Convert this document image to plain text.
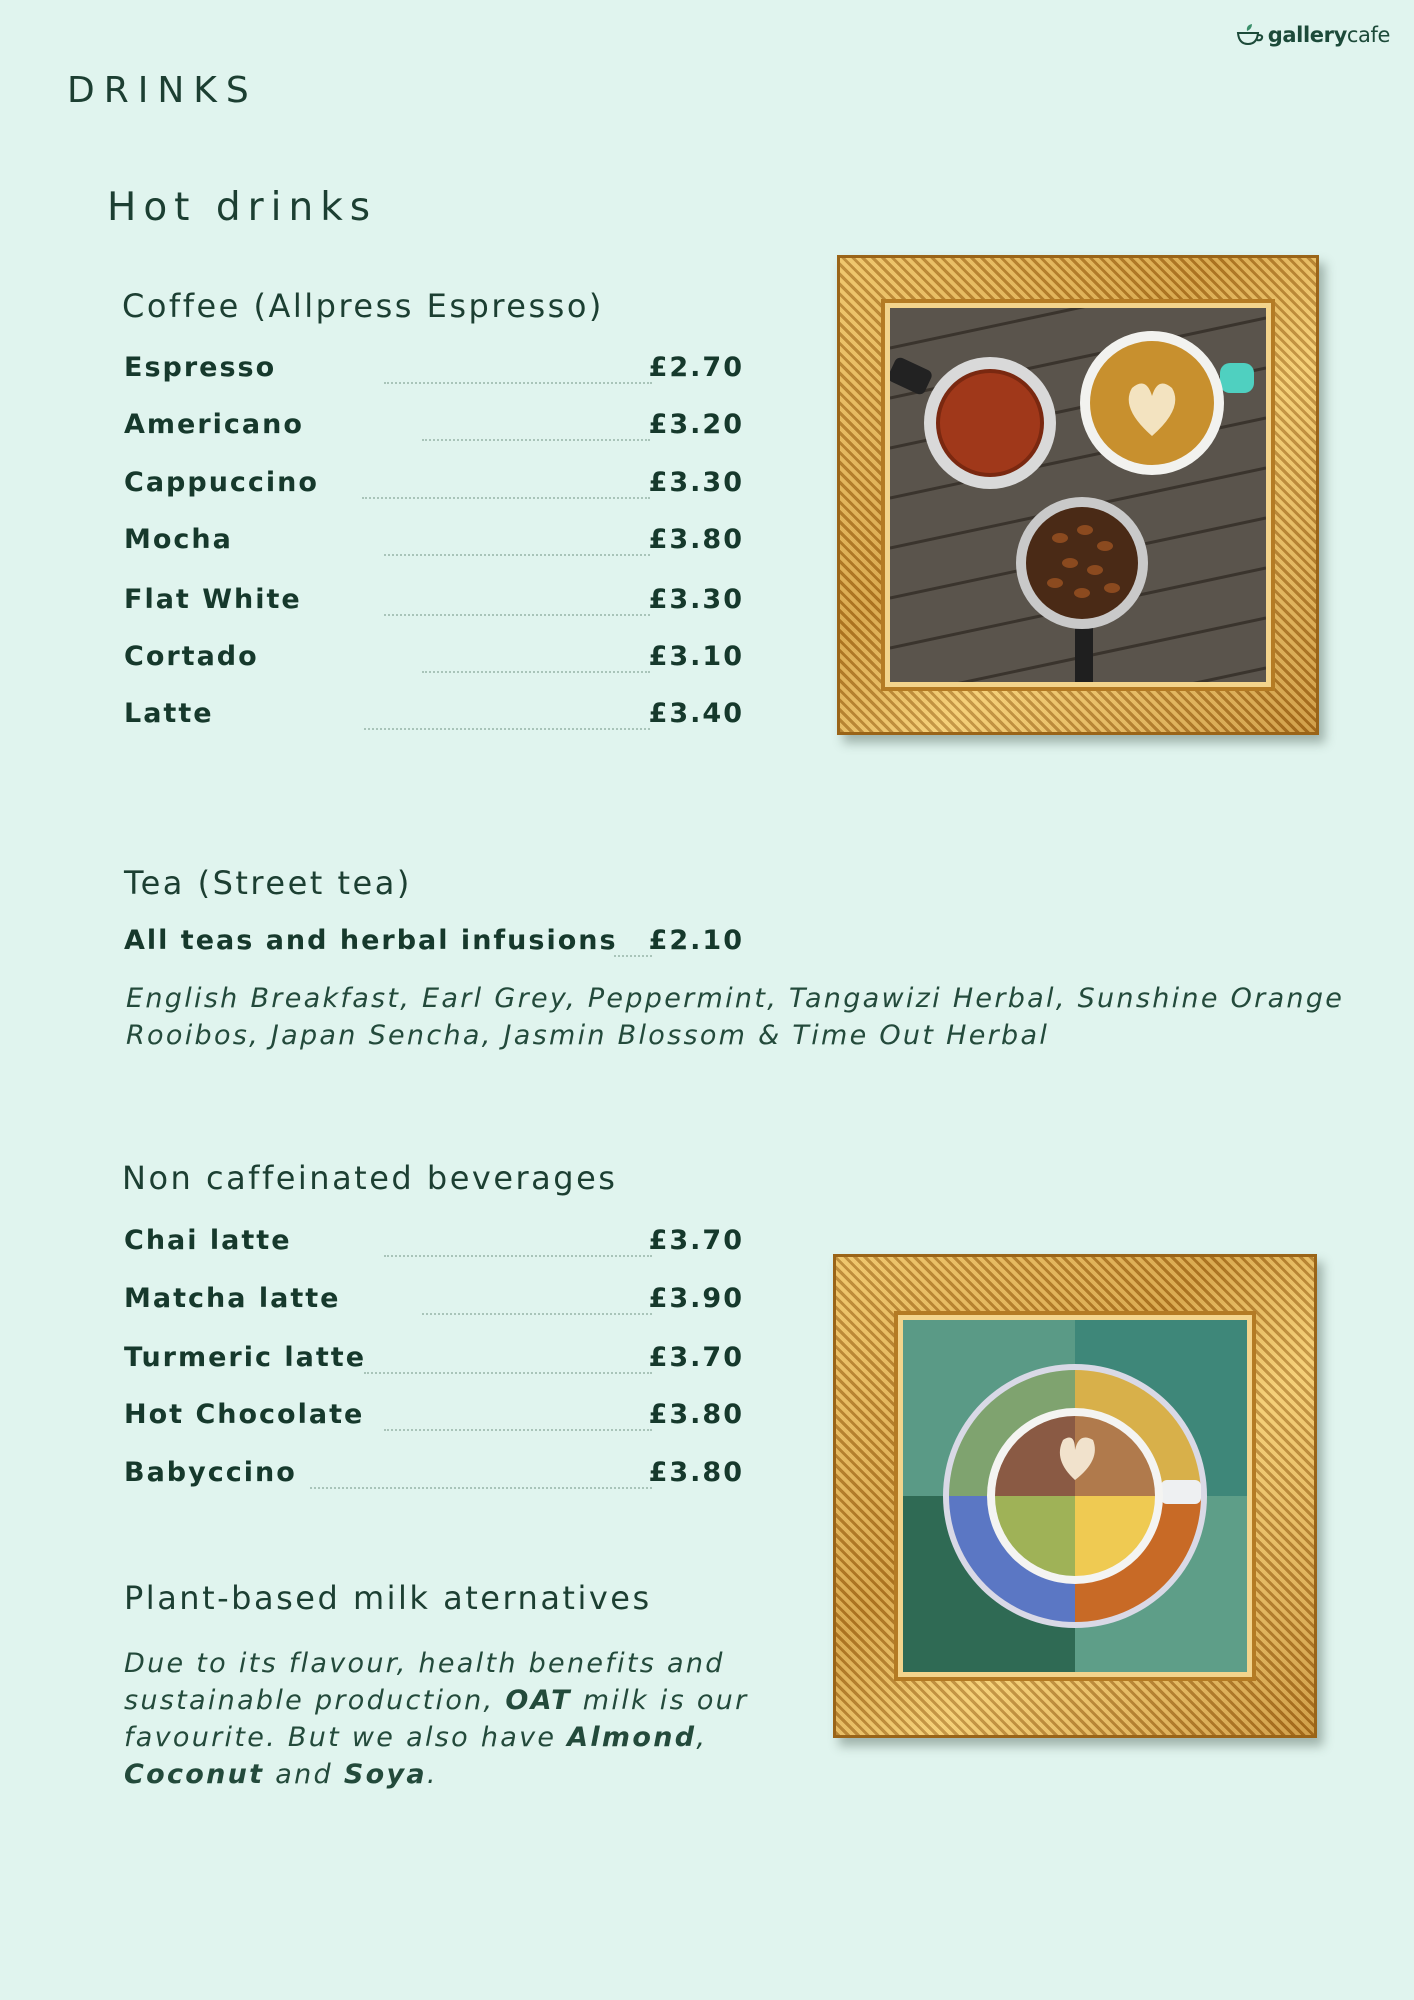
gallerycafe
DRINKS
Hot drinks
Coffee (Allpress Espresso)
Espresso	£2.70
Americano	£3.20
Cappuccino	£3.30
Mocha	£3.80
Flat White	£3.30
Cortado	£3.10
Latte	£3.40
Tea (Street tea)
All teas and herbal infusions £2.10
English Breakfast, Earl Grey, Peppermint, Tangawizi Herbal, Sunshine Orange
Rooibos, Japan Sencha, Jasmin Blossom & Time Out Herbal
Non caffeinated beverages
Chai latte	£3.70
Matcha latte	£3.90
Turmeric latte	£3.70
Hot Chocolate	£3.80
Babyccino	£3.80
Plant-based milk aternatives
Due to its flavour, health benefits and
sustainable production, OAT milk is our
favourite. But we also have Almond,
Coconut and Soya.
